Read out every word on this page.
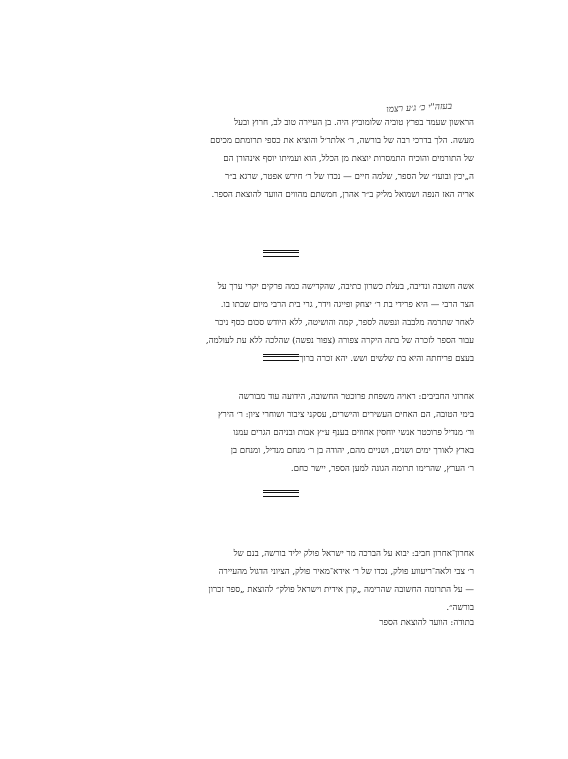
בעזה"י כ׳ ג׳ע רצמו

הראשון שעמד בפרץ טוביה שלומוביץ היה. בן העיירה טוב לב, חרוץ ובעל

מעשה. הלך בדרכי רבה של בורשה, ר׳ אלתר׳ל והוציא את כספי תרומתם מכיסם

של התורמים והוכיח התמסרות יוצאת מן הכלל, הוא ועמיתו יוסף אינהורן הם

ה„יכין ובועז״ של הספר, שלמה חיים — נכדו של ר׳ חירש אפטר, שרגא ב״ר

אריה האז הנפה ושמואל מליק ב״ר אהרן, חמשתם מהווים הוועד להוצאת הספר.

אשה חשובה ונדיבה, בעלת כשרון כתיבה, שהקדישה כמה פרקים יקרי ערך על

הצר הרבי — היא פרידי בת ר׳ יצחק ופייגה וידר, גרי בית הרבי מיום שבתו בו.

לאחר שתרמה מלבבה ונפשה לספר, קמה והושיטה, ללא היודש סכום כסף ניכר

עבור הספר לזכרה של בתה היקרה צפורה (צפור נפשה) שהלכה ללא עת לעולמה,

בעצם פריחתה והיא בת שלשים ושש. יהא זכרה ברוך.

אחרוני החביבים: ראויה משפחת פרוכטר החשובה, הידועה עוד מבורשה

בימי הטובה, הם האחים העשירים והישרים, עסקני ציבור ושוחרי ציון: ר׳ הירץ

ור׳ מנדיל פרוכטר אנשי יוחסין אחוזים בענף ע״ץ אבות ובניהם הגרים עמנו

בארץ לאורך ימים ושנים, ושניים מהם, יהודה בן ר׳ מנחם מנדיל, ומנחם בן

ר׳ הערץ, שהרימו תרומה הגונה למען הספר, יישר כחם.

אחרון־אחרון חביב: יבוא על הברכה מר ישראל פולק יליד בורשה, בנם של

ר׳ צבי ולאה־ריעווע פולק, נכדו של ר׳ אידא־מאיר פולק, הציוני הדגול מהעיירה

— על התרומה החשובה שהרימה „קרן אידית וישראל פולק״ להוצאת „ספר זכרון

בורשה״.

בתודה: הוועד להוצאת הספר
